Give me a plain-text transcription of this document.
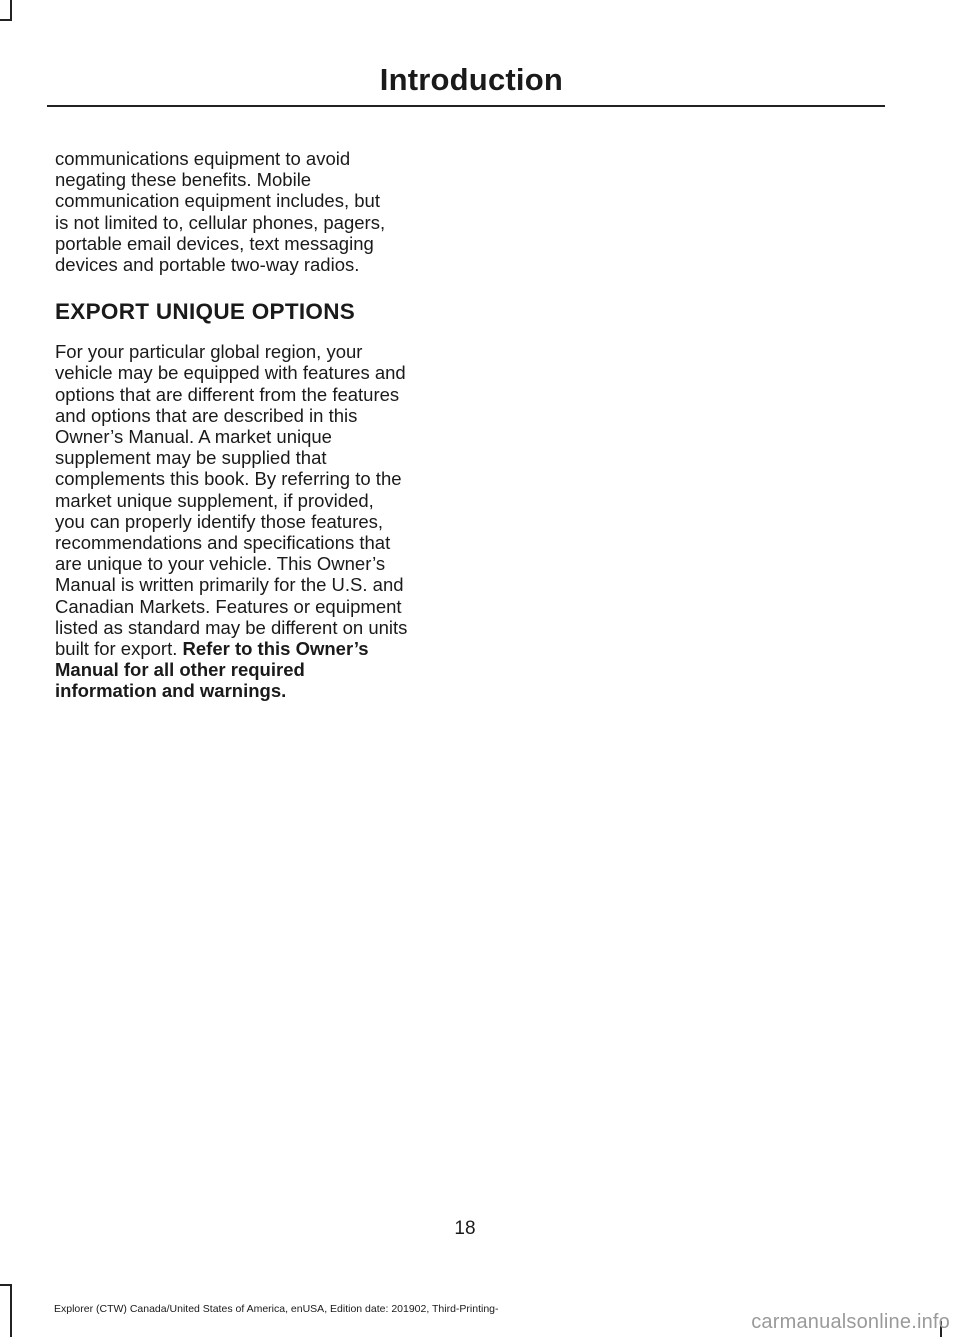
Introduction

communications equipment to avoid

negating these benefits. Mobile

communication equipment includes, but

is not limited to, cellular phones, pagers,

portable email devices, text messaging

devices and portable two-way radios.

EXPORT UNIQUE OPTIONS

For your particular global region, your

vehicle may be equipped with features and

options that are different from the features

and options that are described in this

Owner’s Manual. A market unique

supplement may be supplied that

complements this book. By referring to the

market unique supplement, if provided,

you can properly identify those features,

recommendations and specifications that

are unique to your vehicle. This Owner’s

Manual is written primarily for the U.S. and

Canadian Markets. Features or equipment

listed as standard may be different on units

built for export. Refer to this Owner’s

Manual for all other required

information and warnings.

18
Explorer (CTW) Canada/United States of America, enUSA, Edition date: 201902, Third-Printing-
carmanualsonline.info
